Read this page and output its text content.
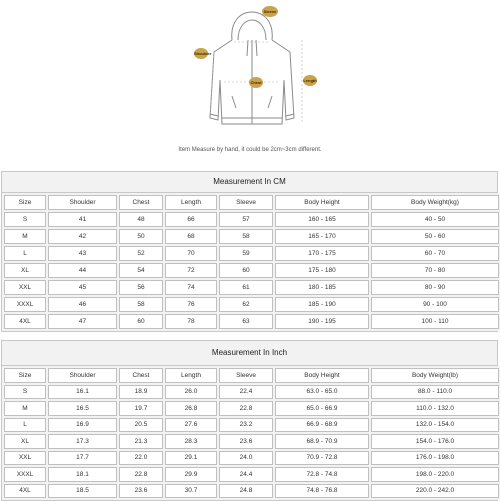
Sleeve
Shoulder
Chest	Length
Item Measure by hand, it could be 2cm~3cm different.
Measurement In CM
Size	Shoulder	Chest	Length	Sleeve	Body Height	Body Weight(kg)
S	41	48	66	57	160 - 165	40 - 50
M	42	50	68	58	165 - 170	50 - 60
L	43	52	70	59	170 - 175	60 - 70
XL	44	54	72	60	175 - 180	70 - 80
XXL	45	56	74	61	180 - 185	80 - 90
XXXL	46	58	76	62	185 - 190	90 - 100
4XL	47	60	78	63	190 - 195	100 - 110
Measurement In Inch
Size	Shoulder	Chest	Length	Sleeve	Body Height	Body Weight(lb)
S	16.1	18.9	26.0	22.4	63.0 - 65.0	88.0 - 110.0
M	16.5	19.7	26.8	22.8	65.0 - 66.9	110.0 - 132.0
L	16.9	20.5	27.6	23.2	66.9 - 68.9	132.0 - 154.0
XL	17.3	21.3	28.3	23.6	68.9 - 70.9	154.0 - 176.0
XXL	17.7	22.0	29.1	24.0	70.9 - 72.8	176.0 - 198.0
XXXL	18.1	22.8	29.9	24.4	72.8 - 74.8	198.0 - 220.0
4XL	18.5	23.6	30.7	24.8	74.8 - 76.8	220.0 - 242.0
